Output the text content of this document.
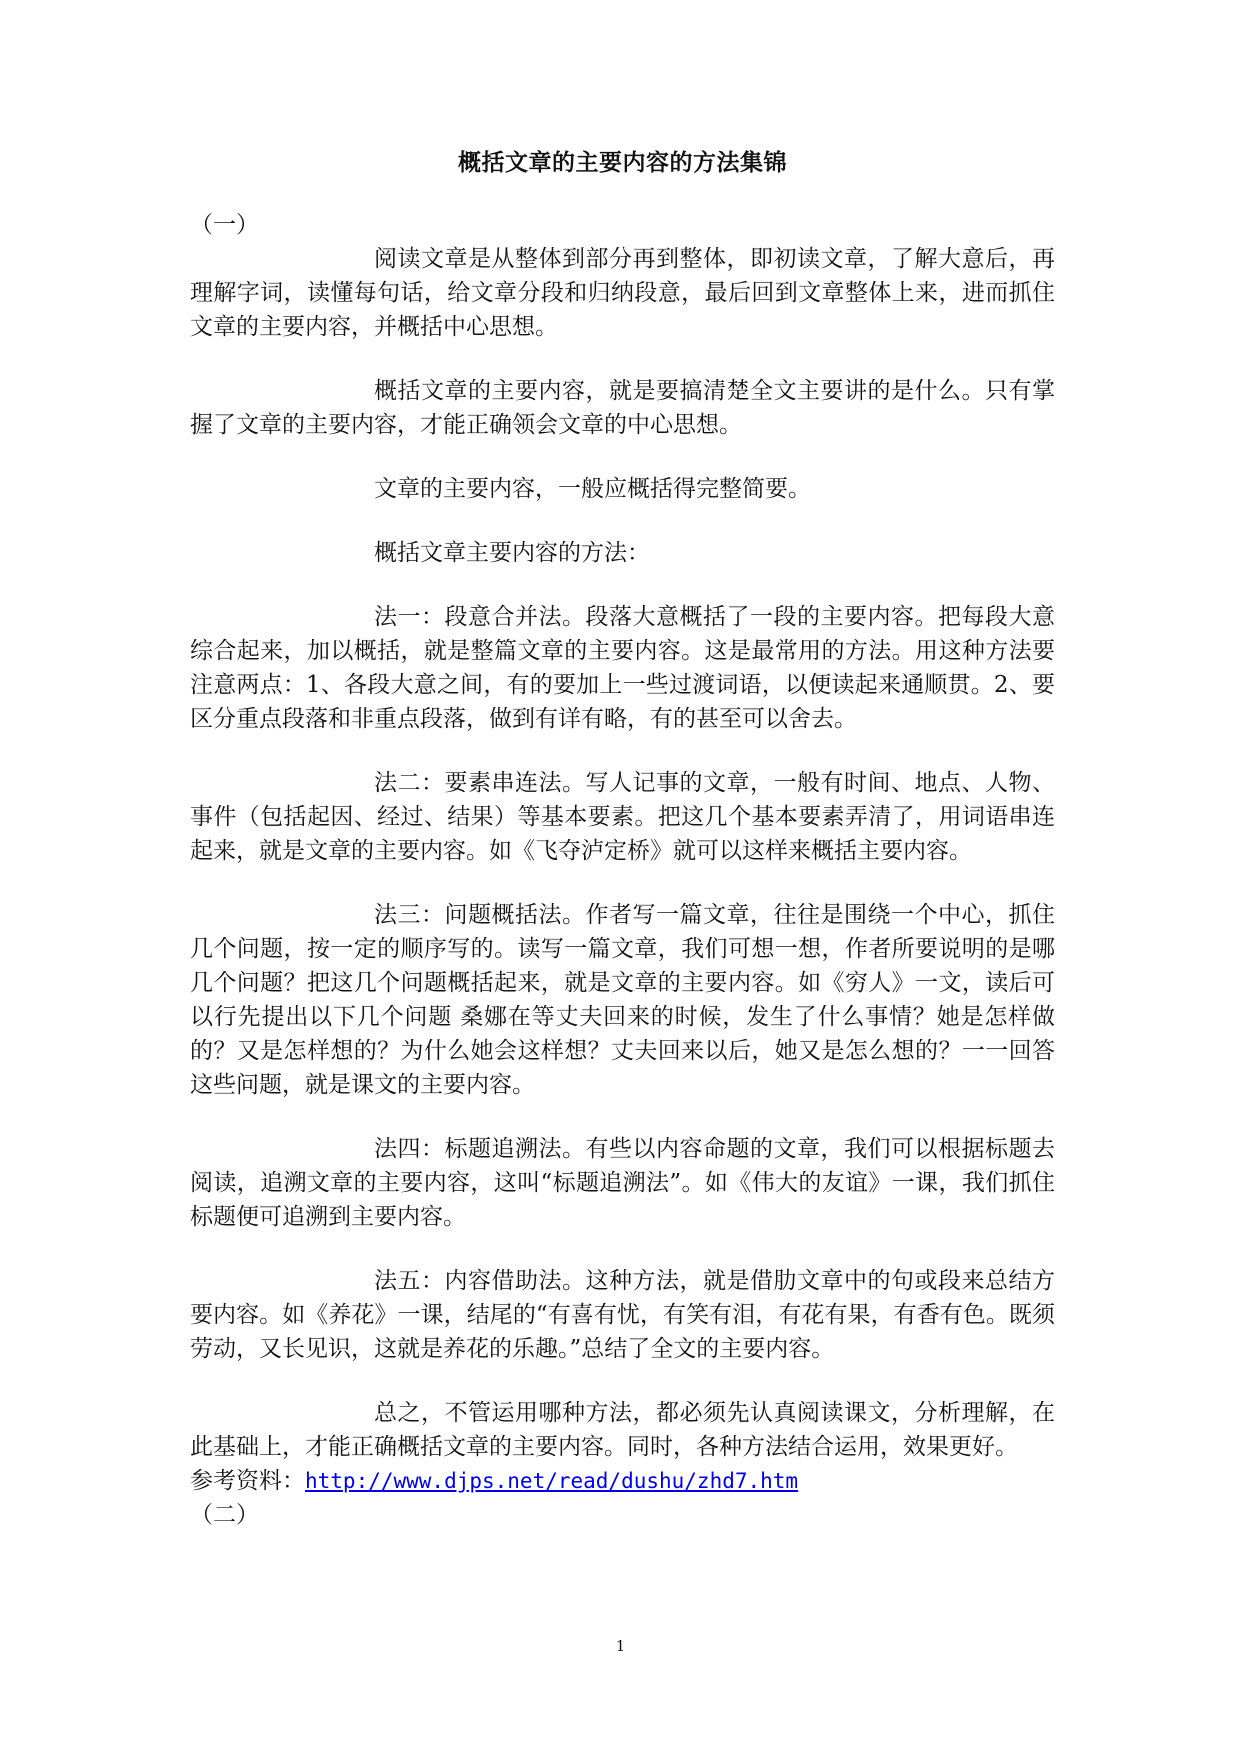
概括文章的主要内容的方法集锦

（一）

阅读文章是从整体到部分再到整体，即初读文章，了解大意后，再理解字词，读懂每句话，给文章分段和归纳段意，最后回到文章整体上来，进而抓住文章的主要内容，并概括中心思想。

概括文章的主要内容，就是要搞清楚全文主要讲的是什么。只有掌握了文章的主要内容，才能正确领会文章的中心思想。

文章的主要内容，一般应概括得完整简要。

概括文章主要内容的方法：

法一：段意合并法。段落大意概括了一段的主要内容。把每段大意综合起来，加以概括，就是整篇文章的主要内容。这是最常用的方法。用这种方法要注意两点：1、各段大意之间，有的要加上一些过渡词语，以便读起来通顺贯。2、要区分重点段落和非重点段落，做到有详有略，有的甚至可以舍去。

法二：要素串连法。写人记事的文章，一般有时间、地点、人物、事件（包括起因、经过、结果）等基本要素。把这几个基本要素弄清了，用词语串连起来，就是文章的主要内容。如《飞夺泸定桥》就可以这样来概括主要内容。

法三：问题概括法。作者写一篇文章，往往是围绕一个中心，抓住几个问题，按一定的顺序写的。读写一篇文章，我们可想一想，作者所要说明的是哪几个问题？把这几个问题概括起来，就是文章的主要内容。如《穷人》一文，读后可以行先提出以下几个问题 桑娜在等丈夫回来的时候，发生了什么事情？她是怎样做的？又是怎样想的？为什么她会这样想？丈夫回来以后，她又是怎么想的？一一回答这些问题，就是课文的主要内容。

法四：标题追溯法。有些以内容命题的文章，我们可以根据标题去阅读，追溯文章的主要内容，这叫“标题追溯法”。如《伟大的友谊》一课，我们抓住标题便可追溯到主要内容。

法五：内容借助法。这种方法，就是借肋文章中的句或段来总结方要内容。如《养花》一课，结尾的“有喜有忧，有笑有泪，有花有果，有香有色。既须劳动，又长见识，这就是养花的乐趣。”总结了全文的主要内容。

总之，不管运用哪种方法，都必须先认真阅读课文，分析理解，在此基础上，才能正确概括文章的主要内容。同时，各种方法结合运用，效果更好。

参考资料：http://www.djps.net/read/dushu/zhd7.htm

（二）

1
